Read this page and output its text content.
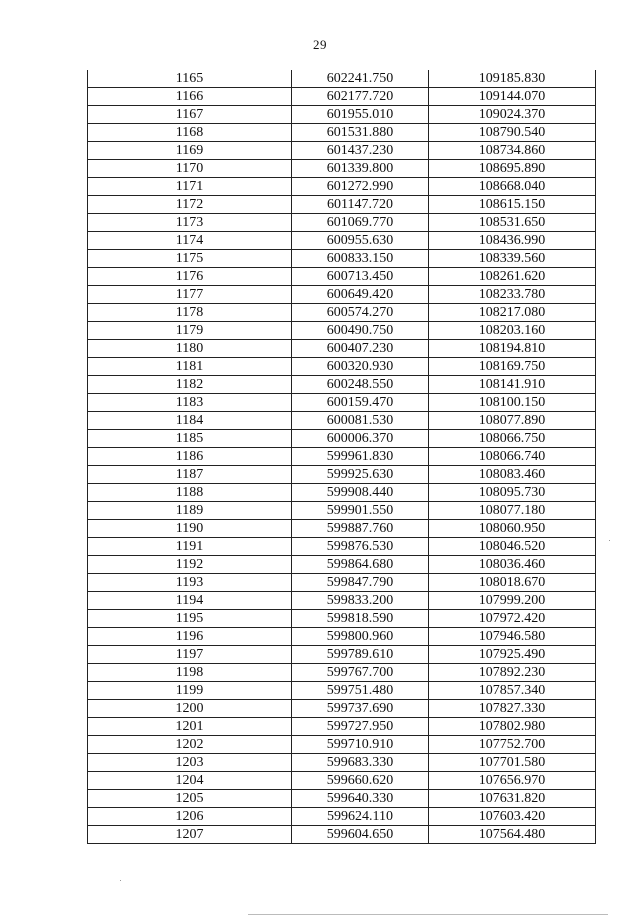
29
1165	602241.750	109185.830
1166	602177.720	109144.070
1167	601955.010	109024.370
1168	601531.880	108790.540
1169	601437.230	108734.860
1170	601339.800	108695.890
1171	601272.990	108668.040
1172	601147.720	108615.150
1173	601069.770	108531.650
1174	600955.630	108436.990
1175	600833.150	108339.560
1176	600713.450	108261.620
1177	600649.420	108233.780
1178	600574.270	108217.080
1179	600490.750	108203.160
1180	600407.230	108194.810
1181	600320.930	108169.750
1182	600248.550	108141.910
1183	600159.470	108100.150
1184	600081.530	108077.890
1185	600006.370	108066.750
1186	599961.830	108066.740
1187	599925.630	108083.460
1188	599908.440	108095.730
1189	599901.550	108077.180
1190	599887.760	108060.950
1191	599876.530	108046.520
1192	599864.680	108036.460
1193	599847.790	108018.670
1194	599833.200	107999.200
1195	599818.590	107972.420
1196	599800.960	107946.580
1197	599789.610	107925.490
1198	599767.700	107892.230
1199	599751.480	107857.340
1200	599737.690	107827.330
1201	599727.950	107802.980
1202	599710.910	107752.700
1203	599683.330	107701.580
1204	599660.620	107656.970
1205	599640.330	107631.820
1206	599624.110	107603.420
1207	599604.650	107564.480
